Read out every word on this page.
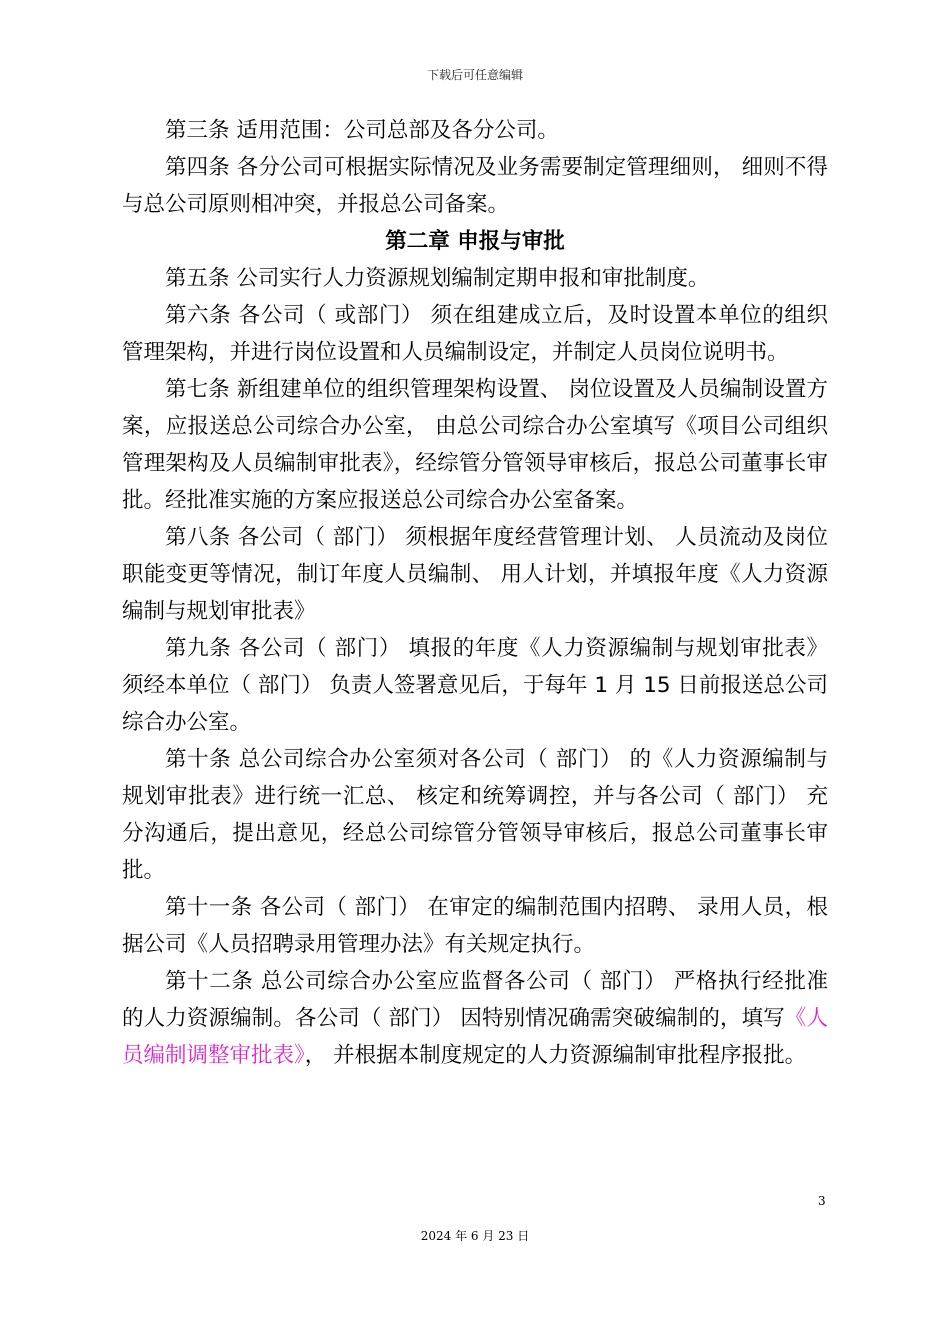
下载后可任意编辑

第三条 适用范围：公司总部及各分公司。

第四条 各分公司可根据实际情况及业务需要制定管理细则， 细则不得与总公司原则相冲突，并报总公司备案。

第二章 申报与审批

第五条 公司实行人力资源规划编制定期申报和审批制度。

第六条 各公司（ 或部门） 须在组建成立后，及时设置本单位的组织管理架构，并进行岗位设置和人员编制设定，并制定人员岗位说明书。

第七条 新组建单位的组织管理架构设置、 岗位设置及人员编制设置方案，应报送总公司综合办公室， 由总公司综合办公室填写《项目公司组织管理架构及人员编制审批表》，经综管分管领导审核后，报总公司董事长审批。经批准实施的方案应报送总公司综合办公室备案。

第八条 各公司（ 部门） 须根据年度经营管理计划、 人员流动及岗位职能变更等情况，制订年度人员编制、 用人计划，并填报年度《人力资源编制与规划审批表》

第九条 各公司（ 部门） 填报的年度《人力资源编制与规划审批表》须经本单位（ 部门） 负责人签署意见后，于每年 1 月 15 日前报送总公司综合办公室。

第十条 总公司综合办公室须对各公司（ 部门） 的《人力资源编制与规划审批表》进行统一汇总、 核定和统筹调控，并与各公司（ 部门） 充分沟通后，提出意见，经总公司综管分管领导审核后，报总公司董事长审批。

第十一条 各公司（ 部门） 在审定的编制范围内招聘、 录用人员，根据公司《人员招聘录用管理办法》有关规定执行。

第十二条 总公司综合办公室应监督各公司（ 部门） 严格执行经批准的人力资源编制。各公司（ 部门） 因特别情况确需突破编制的，填写《人员编制调整审批表》， 并根据本制度规定的人力资源编制审批程序报批。

3
2024 年 6 月 23 日
